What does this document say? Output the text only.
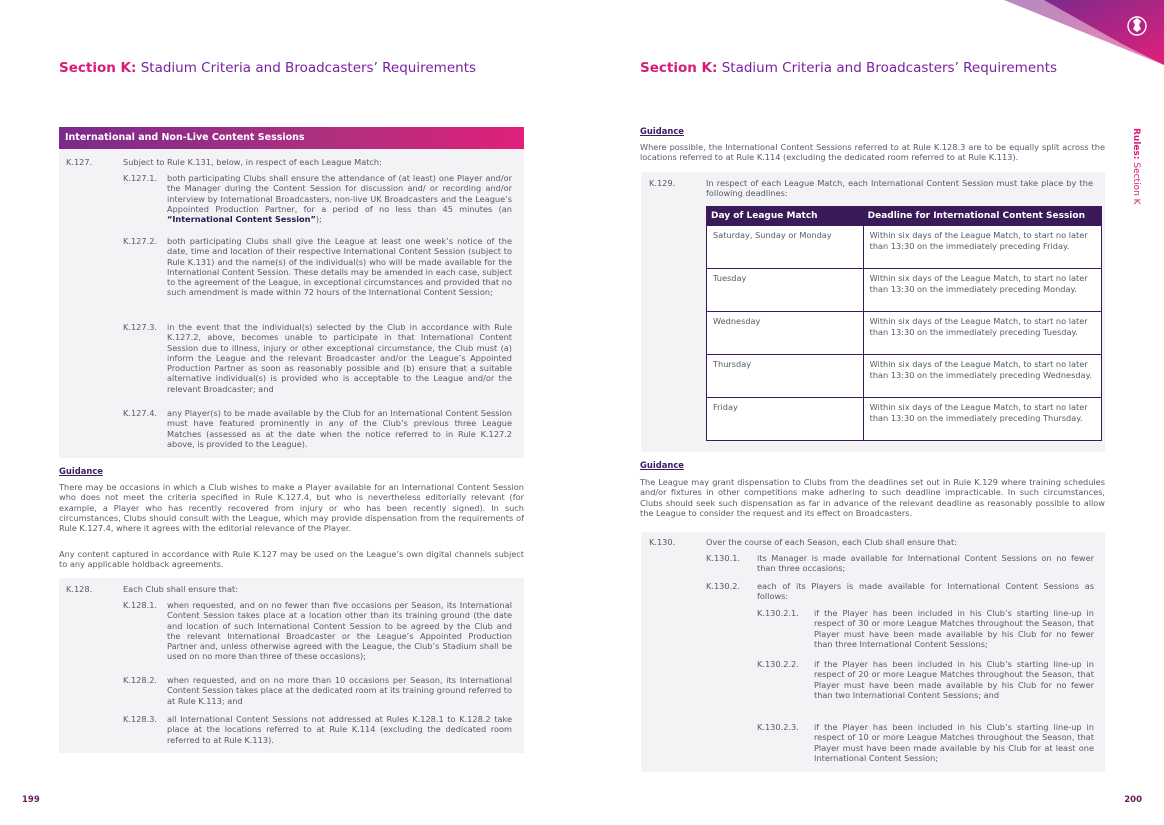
Section K: Stadium Criteria and Broadcasters’ Requirements
International and Non-Live Content Sessions
K.127.	Subject to Rule K.131, below, in respect of each League Match:
K.127.1. both participating Clubs shall ensure the attendance of (at least) one Player and/or the Manager during the Content Session for discussion and/ or recording and/or interview by International Broadcasters, non-live UK Broadcasters and the League’s Appointed Production Partner, for a period of no less than 45 minutes (an “International Content Session”);
K.127.2. both participating Clubs shall give the League at least one week’s notice of the date, time and location of their respective International Content Session (subject to Rule K.131) and the name(s) of the individual(s) who will be made available for the International Content Session. These details may be amended in each case, subject to the agreement of the League, in exceptional circumstances and provided that no such amendment is made within 72 hours of the International Content Session;
K.127.3. in the event that the individual(s) selected by the Club in accordance with Rule K.127.2, above, becomes unable to participate in that International Content Session due to illness, injury or other exceptional circumstance, the Club must (a) inform the League and the relevant Broadcaster and/or the League’s Appointed Production Partner as soon as reasonably possible and (b) ensure that a suitable alternative individual(s) is provided who is acceptable to the League and/or the relevant Broadcaster; and
K.127.4. any Player(s) to be made available by the Club for an International Content Session must have featured prominently in any of the Club’s previous three League Matches (assessed as at the date when the notice referred to in Rule K.127.2 above, is provided to the League).
Guidance
There may be occasions in which a Club wishes to make a Player available for an International Content Session who does not meet the criteria specified in Rule K.127.4, but who is nevertheless editorially relevant (for example, a Player who has recently recovered from injury or who has been recently signed). In such circumstances, Clubs should consult with the League, which may provide dispensation from the requirements of Rule K.127.4, where it agrees with the editorial relevance of the Player.
Any content captured in accordance with Rule K.127 may be used on the League’s own digital channels subject to any applicable holdback agreements.
K.128.	Each Club shall ensure that:
K.128.1. when requested, and on no fewer than five occasions per Season, its International Content Session takes place at a location other than its training ground (the date and location of such International Content Session to be agreed by the Club and the relevant International Broadcaster or the League’s Appointed Production Partner and, unless otherwise agreed with the League, the Club’s Stadium shall be used on no more than three of these occasions);
K.128.2. when requested, and on no more than 10 occasions per Season, its International Content Session takes place at the dedicated room at its training ground referred to at Rule K.113; and
K.128.3. all International Content Sessions not addressed at Rules K.128.1 to K.128.2 take place at the locations referred to at Rule K.114 (excluding the dedicated room referred to at Rule K.113).
199
Section K: Stadium Criteria and Broadcasters’ Requirements
Guidance
Where possible, the International Content Sessions referred to at Rule K.128.3 are to be equally split across the locations referred to at Rule K.114 (excluding the dedicated room referred to at Rule K.113).
K.129.	In respect of each League Match, each International Content Session must take place by the following deadlines:
Day of League Match	Deadline for International Content Session
Saturday, Sunday or Monday	Within six days of the League Match, to start no later than 13:30 on the immediately preceding Friday.
Tuesday	Within six days of the League Match, to start no later than 13:30 on the immediately preceding Monday.
Wednesday	Within six days of the League Match, to start no later than 13:30 on the immediately preceding Tuesday.
Thursday	Within six days of the League Match, to start no later than 13:30 on the immediately preceding Wednesday.
Friday	Within six days of the League Match, to start no later than 13:30 on the immediately preceding Thursday.
Guidance
The League may grant dispensation to Clubs from the deadlines set out in Rule K.129 where training schedules and/or fixtures in other competitions make adhering to such deadline impracticable. In such circumstances, Clubs should seek such dispensation as far in advance of the relevant deadline as reasonably possible to allow the League to consider the request and its effect on Broadcasters.
K.130.	Over the course of each Season, each Club shall ensure that:
K.130.1. its Manager is made available for International Content Sessions on no fewer than three occasions;
K.130.2. each of its Players is made available for International Content Sessions as follows:
K.130.2.1. if the Player has been included in his Club’s starting line-up in respect of 30 or more League Matches throughout the Season, that Player must have been made available by his Club for no fewer than three International Content Sessions;
K.130.2.2. if the Player has been included in his Club’s starting line-up in respect of 20 or more League Matches throughout the Season, that Player must have been made available by his Club for no fewer than two International Content Sessions; and
K.130.2.3. if the Player has been included in his Club’s starting line-up in respect of 10 or more League Matches throughout the Season, that Player must have been made available by his Club for at least one International Content Session;
200
Rules: Section K
